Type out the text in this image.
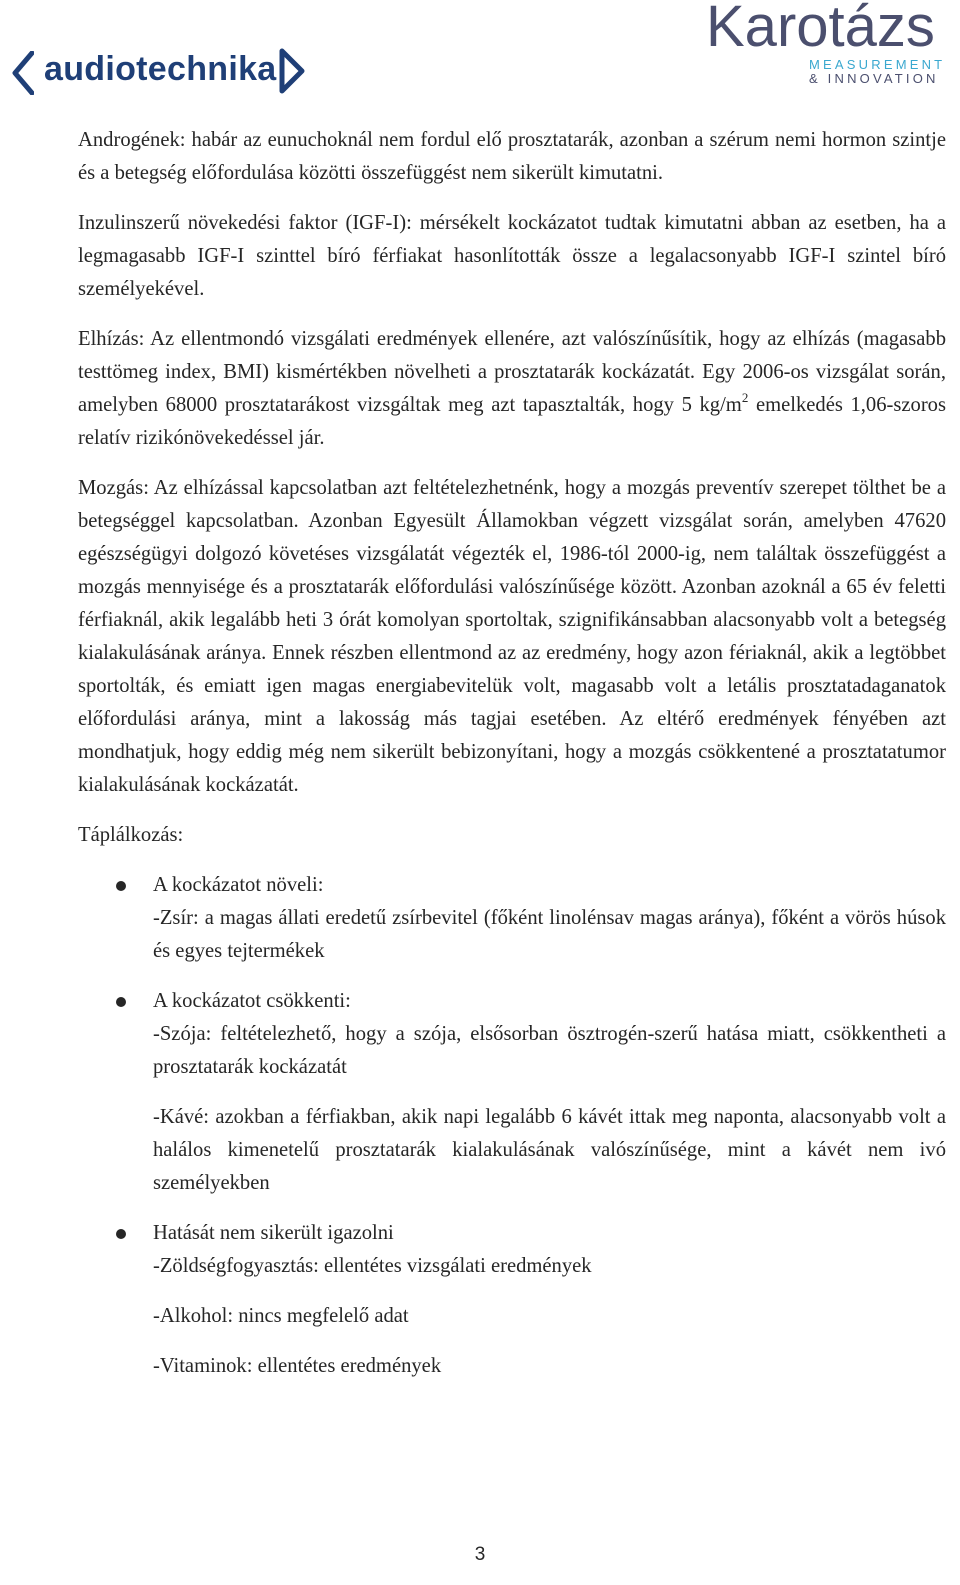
audiotechnika
Karotázs
MEASUREMENT
& INNOVATION

Androgének: habár az eunuchoknál nem fordul elő prosztatarák, azonban a szérum nemi hormon szintje és a betegség előfordulása közötti összefüggést nem sikerült kimutatni.

Inzulinszerű növekedési faktor (IGF-I): mérsékelt kockázatot tudtak kimutatni abban az esetben, ha a legmagasabb IGF-I szinttel bíró férfiakat hasonlították össze a legalacsonyabb IGF-I szintel bíró személyekével.

Elhízás: Az ellentmondó vizsgálati eredmények ellenére, azt valószínűsítik, hogy az elhízás (magasabb testtömeg index, BMI) kismértékben növelheti a prosztatarák kockázatát. Egy 2006-os vizsgálat során, amelyben 68000 prosztatarákost vizsgáltak meg azt tapasztalták, hogy 5 $kg/m^2$ emelkedés 1,06-szoros relatív rizikónövekedéssel jár.

Mozgás: Az elhízással kapcsolatban azt feltételezhetnénk, hogy a mozgás preventív szerepet tölthet be a betegséggel kapcsolatban. Azonban Egyesült Államokban végzett vizsgálat során, amelyben 47620 egészségügyi dolgozó követéses vizsgálatát végezték el, 1986-tól 2000-ig, nem találtak összefüggést a mozgás mennyisége és a prosztatarák előfordulási valószínűsége között. Azonban azoknál a 65 év feletti férfiaknál, akik legalább heti 3 órát komolyan sportoltak, szignifikánsabban alacsonyabb volt a betegség kialakulásának aránya. Ennek részben ellentmond az az eredmény, hogy azon fériaknál, akik a legtöbbet sportolták, és emiatt igen magas energiabevitelük volt, magasabb volt a letális prosztatadaganatok előfordulási aránya, mint a lakosság más tagjai esetében. Az eltérő eredmények fényében azt mondhatjuk, hogy eddig még nem sikerült bebizonyítani, hogy a mozgás csökkentené a prosztatatumor kialakulásának kockázatát.

Táplálkozás:

A kockázatot növeli:
-Zsír: a magas állati eredetű zsírbevitel (főként linolénsav magas aránya), főként a vörös húsok és egyes tejtermékek
A kockázatot csökkenti:
-Szója: feltételezhető, hogy a szója, elsősorban ösztrogén-szerű hatása miatt, csökkentheti a prosztatarák kockázatát
-Kávé: azokban a férfiakban, akik napi legalább 6 kávét ittak meg naponta, alacsonyabb volt a halálos kimenetelű prosztatarák kialakulásának valószínűsége, mint a kávét nem ivó személyekben
Hatását nem sikerült igazolni
-Zöldségfogyasztás: ellentétes vizsgálati eredmények
-Alkohol: nincs megfelelő adat
-Vitaminok: ellentétes eredmények
3
